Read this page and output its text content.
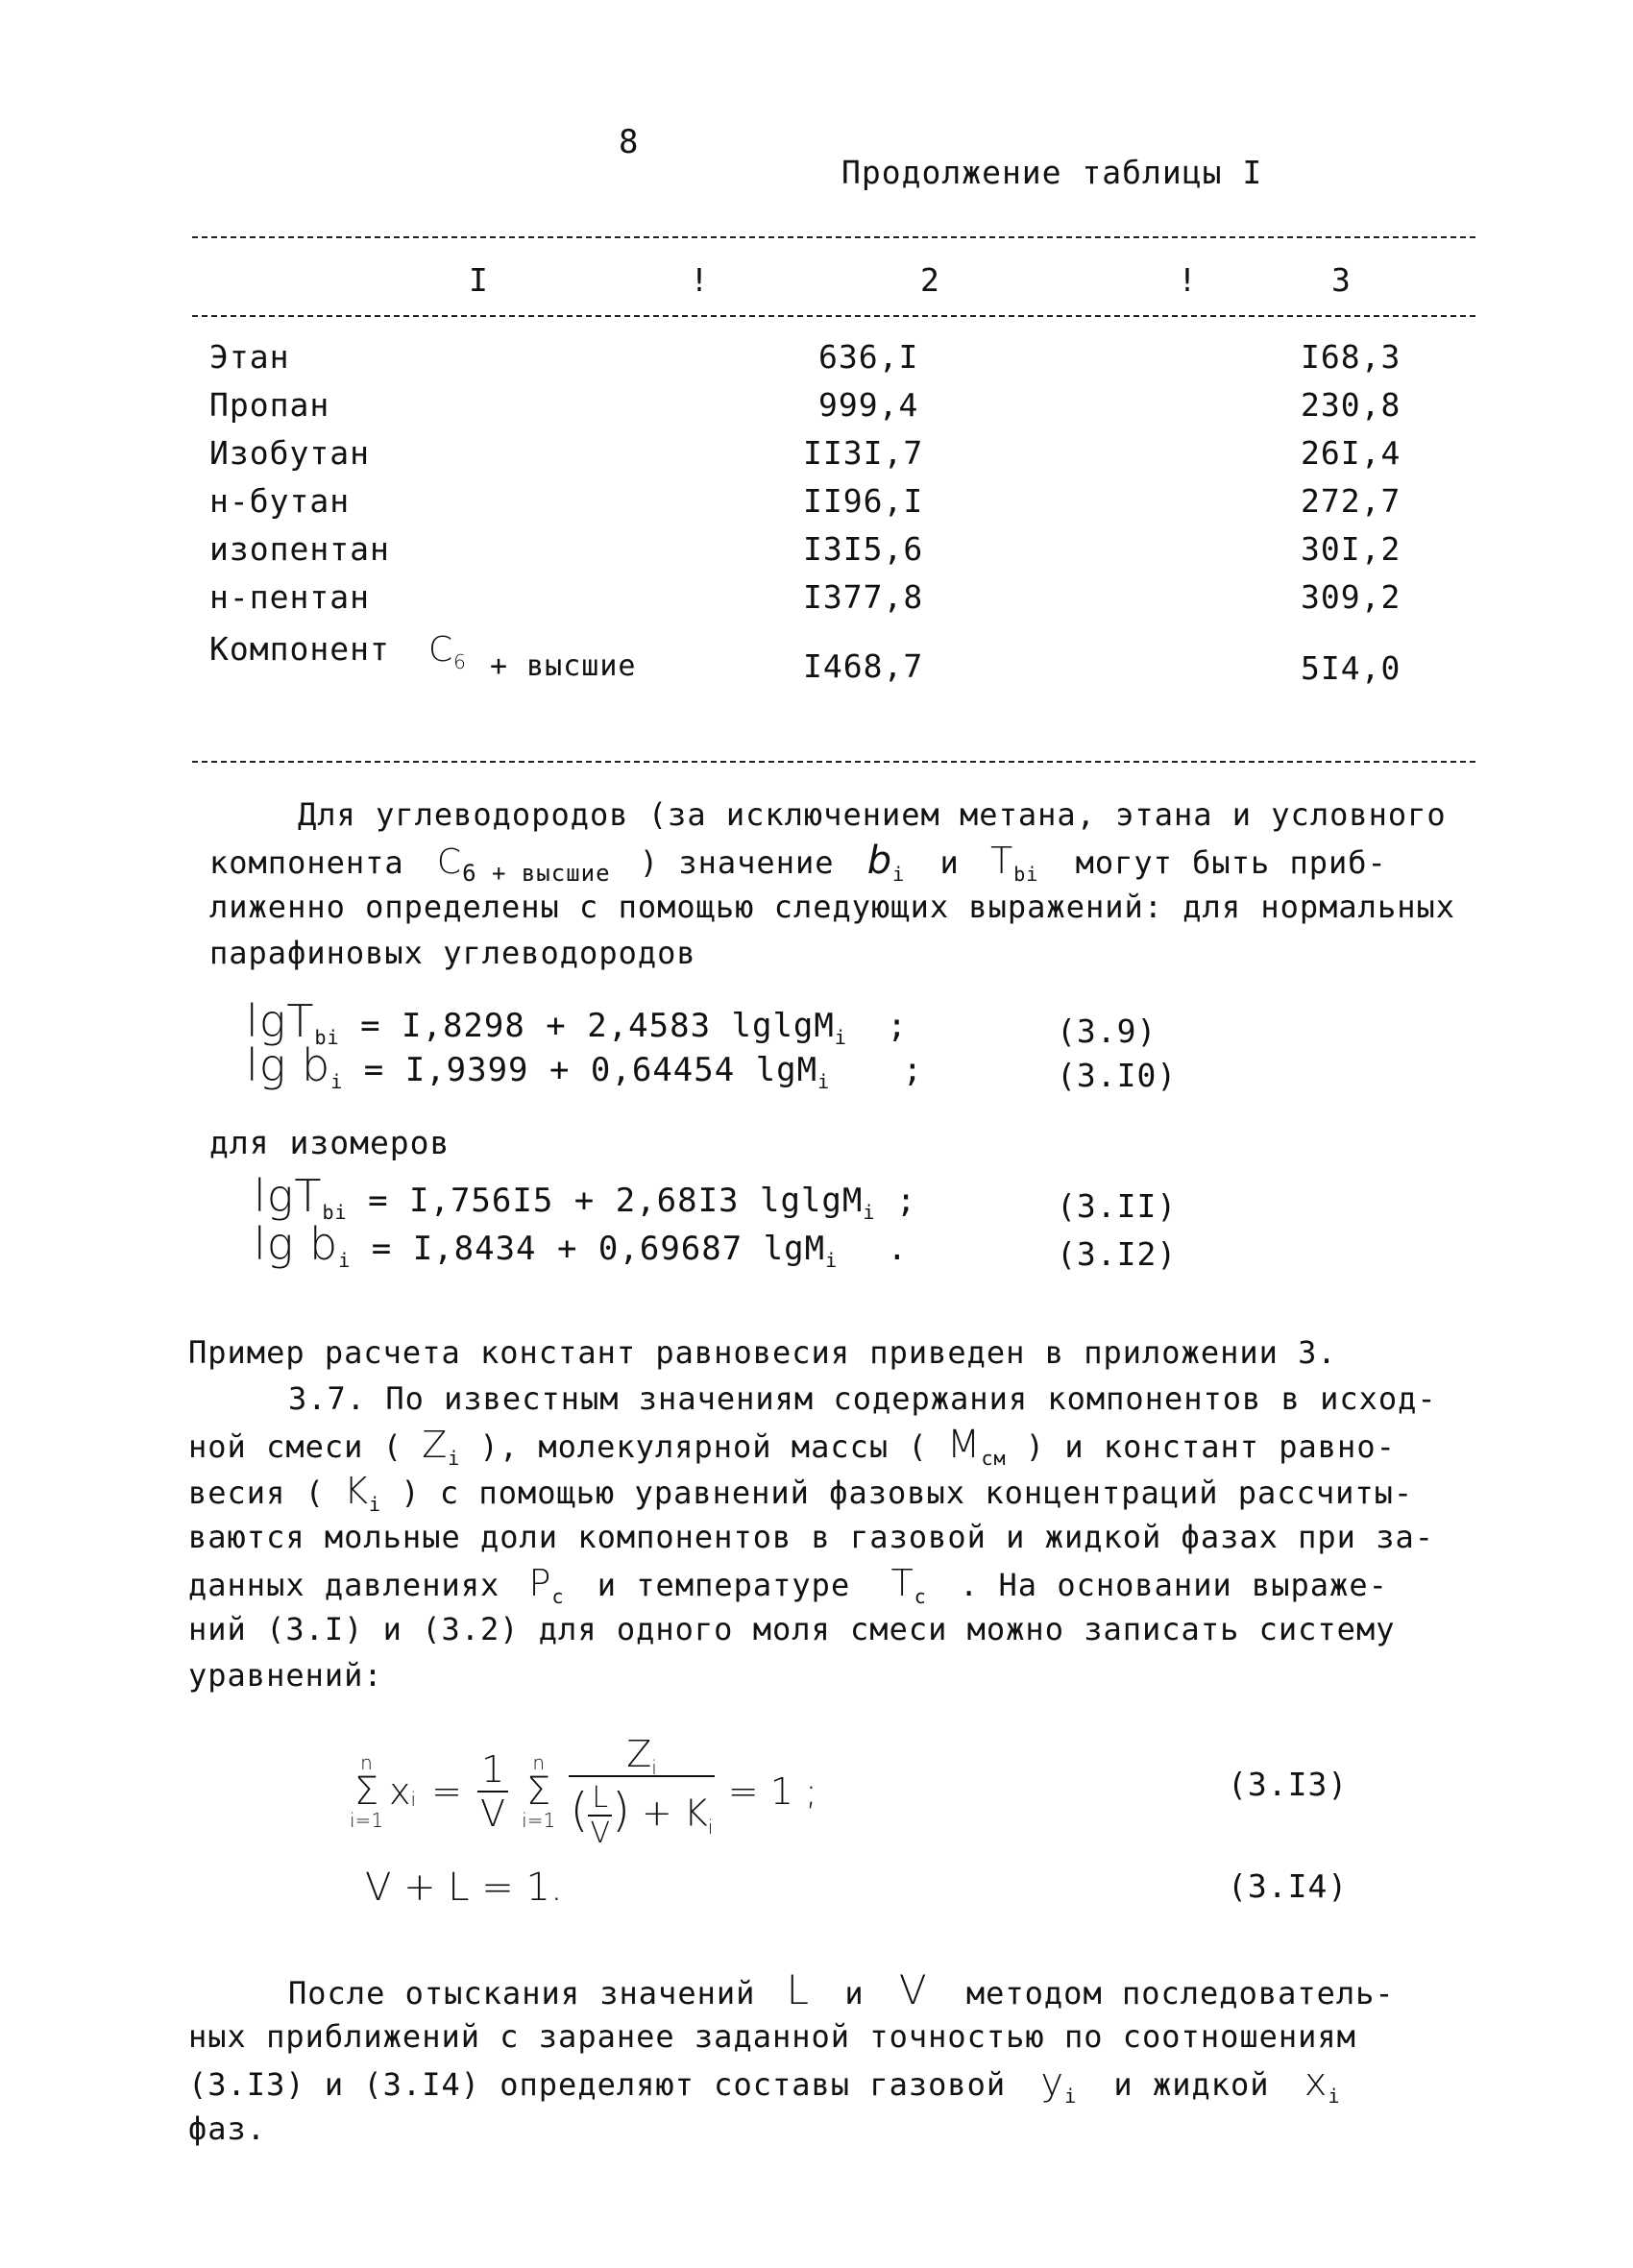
8
Продолжение таблицы I
I	!	2	!	3
Этан	636,I	I68,3
Пропан	999,4	230,8
Изобутан	II3I,7	26I,4
н-бутан	II96,I	272,7
изопентан	I3I5,6	30I,2
н-пентан	I377,8	309,2
Компонент $C_6$ + высшие	I468,7	5I4,0
Для углеводородов (за исключением метана, этана и условного
компонента $C_{6 + высшие}$ ) значение $b_i$ и $T_{bi}$ могут быть приб-
лиженно определены с помощью следующих выражений: для нормальных
парафиновых углеводородов
lgT$_{bi}$ = I,8298 + 2,4583 lglgM$_i$ ;	(3.9)
$\lg b_i = I,9399 + 0,64454$ lgM$_i$ ;	(3.I0)
для изомеров
lgT$_{bi}$ = I,756I5 + 2,68I3 lglgM$_i$ ;	(3.II)
$\lg b_i = I,8434 + 0,69687$ lgM$_i$ .	(3.I2)
Пример расчета констант равновесия приведен в приложении 3.
3.7. По известным значениям содержания компонентов в исход-
ной смеси ( $Z_i$ ), молекулярной массы ( $M_{см}$ ) и констант равно-
весия ( $K_i$ ) с помощью уравнений фазовых концентраций рассчиты-
ваются мольные доли компонентов в газовой и жидкой фазах при за-
данных давлениях $P_c$ и температуре $T_c$ . На основании выраже-
ний (3.I) и (3.2) для одного моля смеси можно записать систему
уравнений:
n
Σ
i=1
x $i = \frac{1}{V}$	n
Σ
$i=1 \frac{Z_i}{( \frac{L}{V} ) + K_i} = 1$ ;	(3.I3)
V + L = 1.	(3.I4)
После отыскания значений L и V методом последователь-
ных приближений с заранее заданной точностью по соотношениям
(3.I3) и (3.I4) определяют составы газовой $y_i$ и жидкой $x_i$
фаз.
